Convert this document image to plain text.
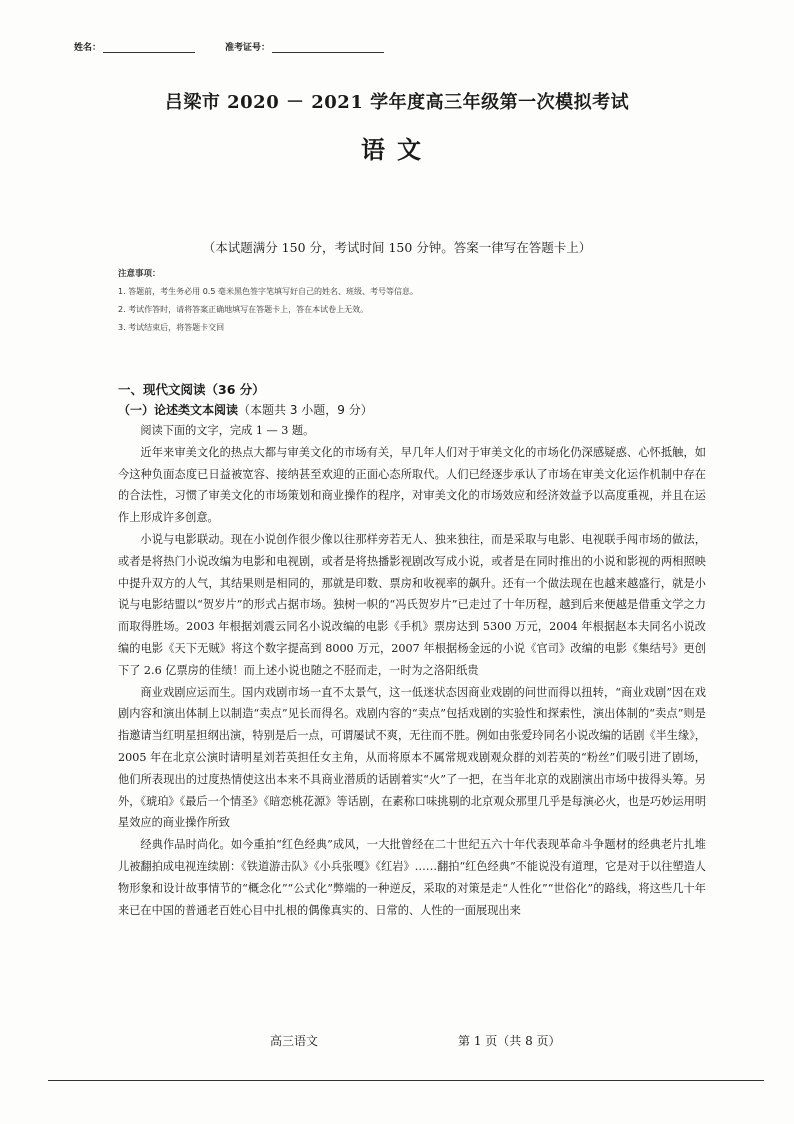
姓名：	准考证号：
吕梁市 2020 － 2021 学年度高三年级第一次模拟考试
语文
（本试题满分 150 分，考试时间 150 分钟。答案一律写在答题卡上）
注意事项：
1. 答题前，考生务必用 0.5 毫米黑色签字笔填写好自己的姓名、班级、考号等信息。
2. 考试作答时，请将答案正确地填写在答题卡上，答在本试卷上无效。
3. 考试结束后，将答题卡交回
一、现代文阅读（36 分）
（一）论述类文本阅读（本题共 3 小题，9 分）

阅读下面的文字，完成 1 — 3 题。

近年来审美文化的热点大都与审美文化的市场有关，早几年人们对于审美文化的市场化仍深感疑惑、心怀抵触，如今这种负面态度已日益被宽容、接纳甚至欢迎的正面心态所取代。人们已经逐步承认了市场在审美文化运作机制中存在的合法性，习惯了审美文化的市场策划和商业操作的程序，对审美文化的市场效应和经济效益予以高度重视，并且在运作上形成许多创意。

小说与电影联动。现在小说创作很少像以往那样旁若无人、独来独往，而是采取与电影、电视联手闯市场的做法，或者是将热门小说改编为电影和电视剧，或者是将热播影视剧改写成小说，或者是在同时推出的小说和影视的两相照映中提升双方的人气，其结果则是相同的，那就是印数、票房和收视率的飙升。还有一个做法现在也越来越盛行，就是小说与电影结盟以“贺岁片”的形式占据市场。独树一帜的“冯氏贺岁片”已走过了十年历程，越到后来便越是借重文学之力而取得胜场。2003 年根据刘震云同名小说改编的电影《手机》票房达到 5300 万元，2004 年根据赵本夫同名小说改编的电影《天下无贼》将这个数字提高到 8000 万元，2007 年根据杨金远的小说《官司》改编的电影《集结号》更创下了 2.6 亿票房的佳绩！而上述小说也随之不胫而走，一时为之洛阳纸贵

商业戏剧应运而生。国内戏剧市场一直不太景气，这一低迷状态因商业戏剧的问世而得以扭转，“商业戏剧”因在戏剧内容和演出体制上以制造“卖点”见长而得名。戏剧内容的“卖点”包括戏剧的实验性和探索性，演出体制的“卖点”则是指邀请当红明星担纲出演，特别是后一点，可谓屡试不爽，无往而不胜。例如由张爱玲同名小说改编的话剧《半生缘》，2005 年在北京公演时请明星刘若英担任女主角，从而将原本不属常规戏剧观众群的刘若英的“粉丝”们吸引进了剧场，他们所表现出的过度热情使这出本来不具商业潜质的话剧着实“火”了一把，在当年北京的戏剧演出市场中拔得头筹。另外，《琥珀》《最后一个情圣》《暗恋桃花源》等话剧，在素称口味挑剔的北京观众那里几乎是每演必火，也是巧妙运用明星效应的商业操作所致

经典作品时尚化。如今重拍“红色经典”成风，一大批曾经在二十世纪五六十年代表现革命斗争题材的经典老片扎堆儿被翻拍成电视连续剧：《铁道游击队》《小兵张嘎》《红岩》……翻拍“红色经典”不能说没有道理，它是对于以往塑造人物形象和设计故事情节的“概念化”“公式化”弊端的一种逆反，采取的对策是走“人性化”“世俗化”的路线，将这些几十年来已在中国的普通老百姓心目中扎根的偶像真实的、日常的、人性的一面展现出来

高三语文	第 1 页（共 8 页）
